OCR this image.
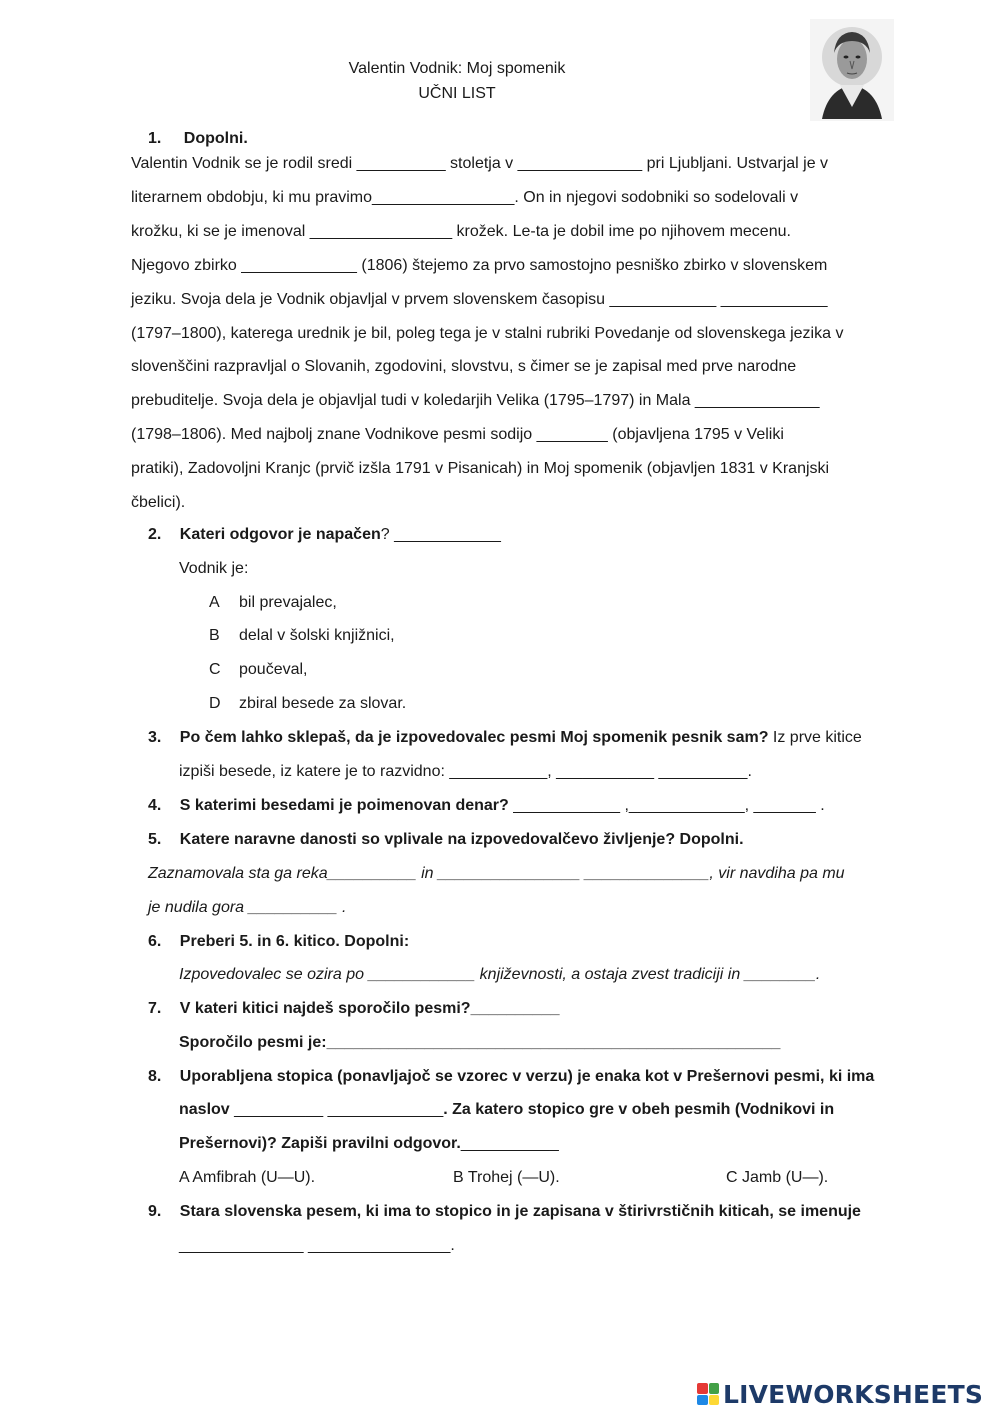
Valentin Vodnik: Moj spomenik
UČNI LIST
1. Dopolni.
Valentin Vodnik se je rodil sredi __________ stoletja v ______________ pri Ljubljani. Ustvarjal je v
literarnem obdobju, ki mu pravimo________________. On in njegovi sodobniki so sodelovali v
krožku, ki se je imenoval ________________ krožek. Le-ta je dobil ime po njihovem mecenu.
Njegovo zbirko _____________ (1806) štejemo za prvo samostojno pesniško zbirko v slovenskem
jeziku. Svoja dela je Vodnik objavljal v prvem slovenskem časopisu ____________ ____________
(1797–1800), katerega urednik je bil, poleg tega je v stalni rubriki Povedanje od slovenskega jezika v
slovenščini razpravljal o Slovanih, zgodovini, slovstvu, s čimer se je zapisal med prve narodne
prebuditelje. Svoja dela je objavljal tudi v koledarjih Velika (1795–1797) in Mala ______________
(1798–1806). Med najbolj znane Vodnikove pesmi sodijo ________ (objavljena 1795 v Veliki
pratiki), Zadovoljni Kranjc (prvič izšla 1791 v Pisanicah) in Moj spomenik (objavljen 1831 v Kranjski
čbelici).
2. Kateri odgovor je napačen? ____________
Vodnik je:
A bil prevajalec,
B delal v šolski knjižnici,
C poučeval,
D zbiral besede za slovar.
3. Po čem lahko sklepaš, da je izpovedovalec pesmi Moj spomenik pesnik sam? Iz prve kitice
izpiši besede, iz katere je to razvidno: ___________, ___________ __________.
4. S katerimi besedami je poimenovan denar? ____________ ,_____________, _______ .
5. Katere naravne danosti so vplivale na izpovedovalčevo življenje? Dopolni.
Zaznamovala sta ga reka__________ in ________________ ______________, vir navdiha pa mu
je nudila gora __________ .
6. Preberi 5. in 6. kitico. Dopolni:
Izpovedovalec se ozira po ____________ književnosti, a ostaja zvest tradiciji in ________.
7. V kateri kitici najdeš sporočilo pesmi?__________
Sporočilo pesmi je:___________________________________________________
8. Uporabljena stopica (ponavljajoč se vzorec v verzu) je enaka kot v Prešernovi pesmi, ki ima
naslov __________ _____________. Za katero stopico gre v obeh pesmih (Vodnikovi in
Prešernovi)? Zapiši pravilni odgovor.___________
A Amfibrah (U—U).	B Trohej (—U).	C Jamb (U—).
9. Stara slovenska pesem, ki ima to stopico in je zapisana v štirivrstičnih kiticah, se imenuje
______________ ________________.
LIVEWORKSHEETS
